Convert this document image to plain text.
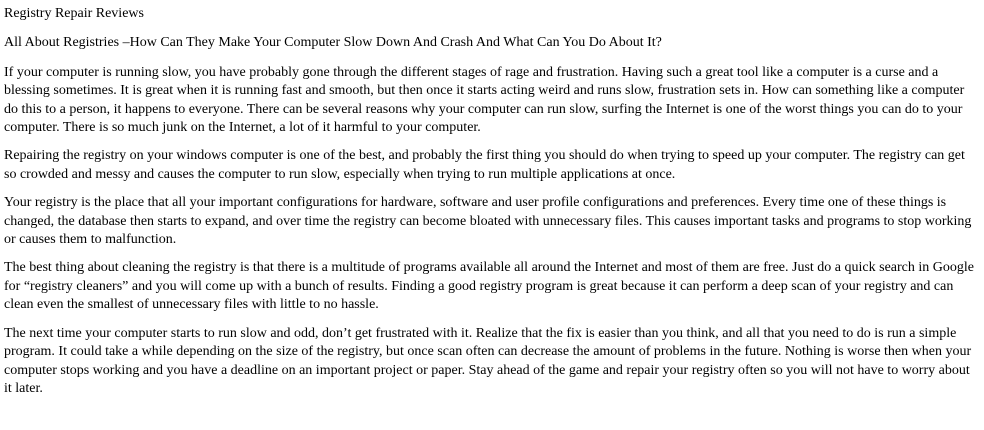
Registry Repair Reviews
All About Registries –How Can They Make Your Computer Slow Down And Crash And What Can You Do About It?

If your computer is running slow, you have probably gone through the different stages of rage and frustration. Having such a great tool like a computer is a curse and a blessing sometimes. It is great when it is running fast and smooth, but then once it starts acting weird and runs slow, frustration sets in. How can something like a computer do this to a person, it happens to everyone. There can be several reasons why your computer can run slow, surfing the Internet is one of the worst things you can do to your computer. There is so much junk on the Internet, a lot of it harmful to your computer.

Repairing the registry on your windows computer is one of the best, and probably the first thing you should do when trying to speed up your computer. The registry can get so crowded and messy and causes the computer to run slow, especially when trying to run multiple applications at once.

Your registry is the place that all your important configurations for hardware, software and user profile configurations and preferences. Every time one of these things is changed, the database then starts to expand, and over time the registry can become bloated with unnecessary files. This causes important tasks and programs to stop working or causes them to malfunction.

The best thing about cleaning the registry is that there is a multitude of programs available all around the Internet and most of them are free. Just do a quick search in Google for “registry cleaners” and you will come up with a bunch of results. Finding a good registry program is great because it can perform a deep scan of your registry and can clean even the smallest of unnecessary files with little to no hassle.

The next time your computer starts to run slow and odd, don’t get frustrated with it. Realize that the fix is easier than you think, and all that you need to do is run a simple program. It could take a while depending on the size of the registry, but once scan often can decrease the amount of problems in the future. Nothing is worse then when your computer stops working and you have a deadline on an important project or paper. Stay ahead of the game and repair your registry often so you will not have to worry about it later.
